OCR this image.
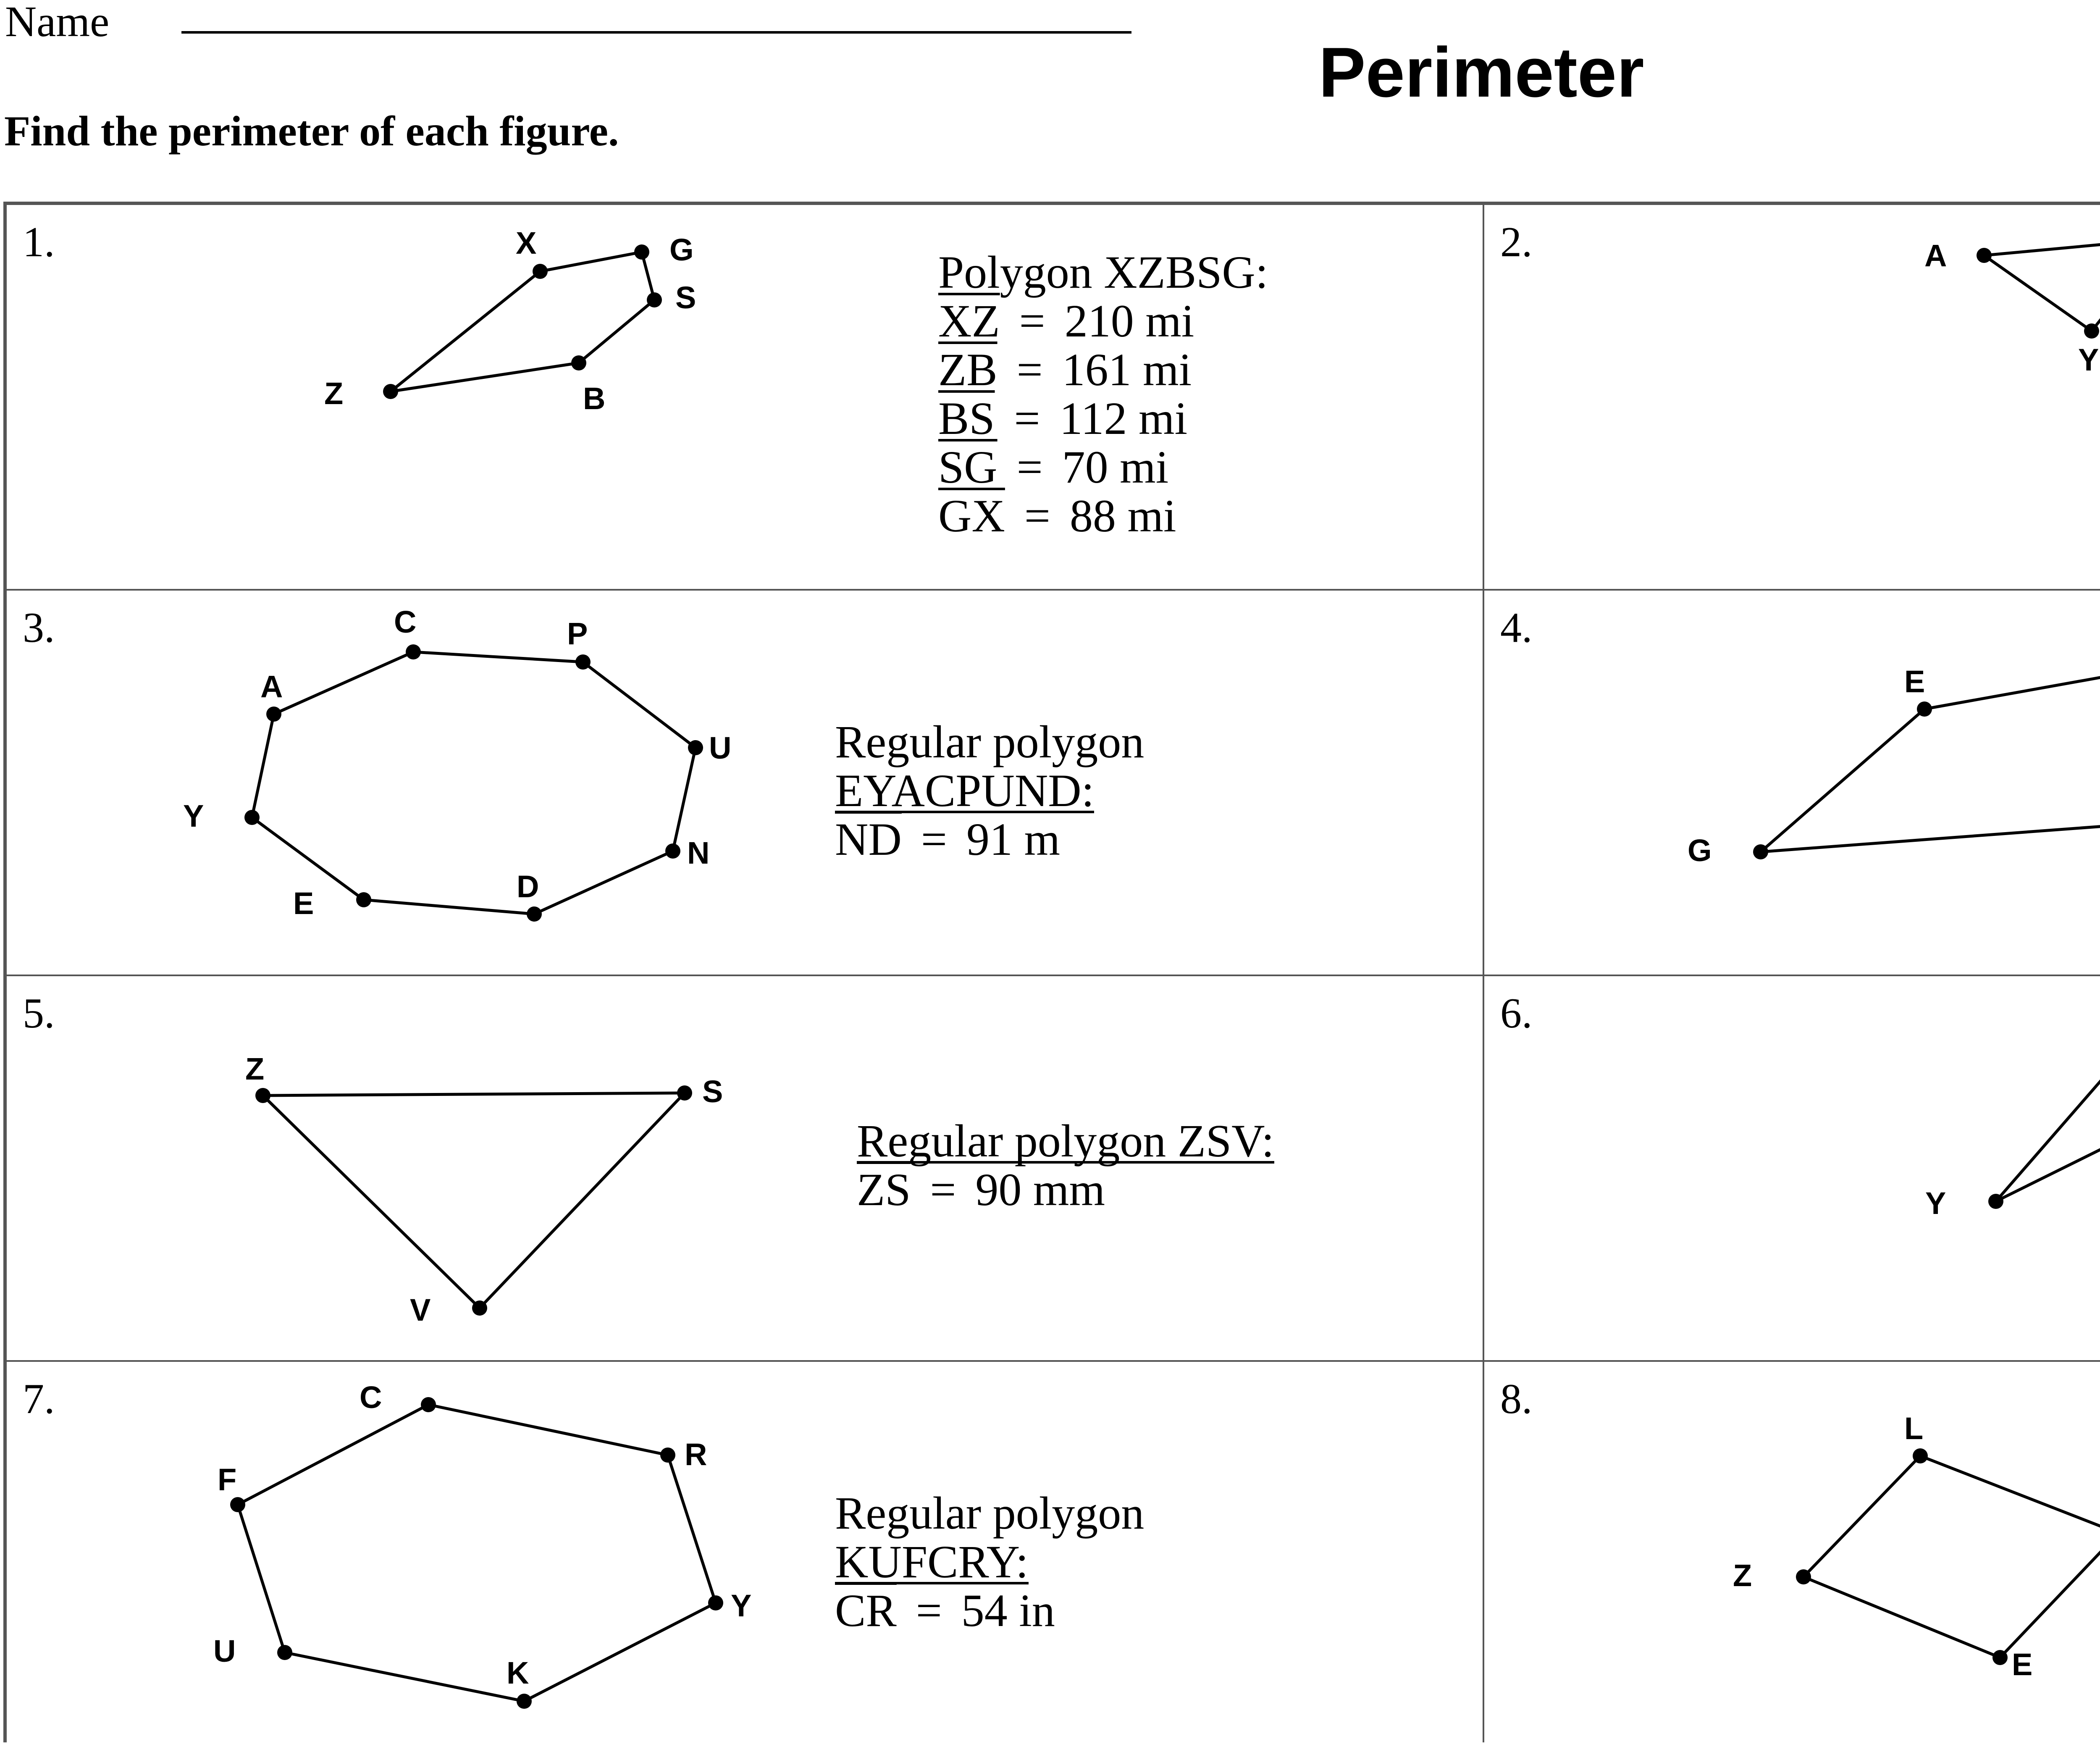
Name
Perimeter
Find the perimeter of each figure.
1.	X	G
S
Z	B
Polygon XZBSG:
$\overline{XZ} = 210$ mi
$\overline{ZB} = 161$ mi
$\overline{BS} = 112$ mi
$\overline{SG} = 70$ mi
$\overline{GX} = 88$ mi
2.	A
Y
3.	C	P
A
U
Y
N
E	D
Regular polygon
EYACPUND:
$\overline{ND} = 91$ m
4.
E
G
5.
Z
S
V
Regular polygon ZSV:
$\overline{ZS} = 90$ mm
6.
Y
7.	C
R
F
Y
U
K
Regular polygon
KUFCRY:
$\overline{CR} = 54$ in
8.
L
Z
E
